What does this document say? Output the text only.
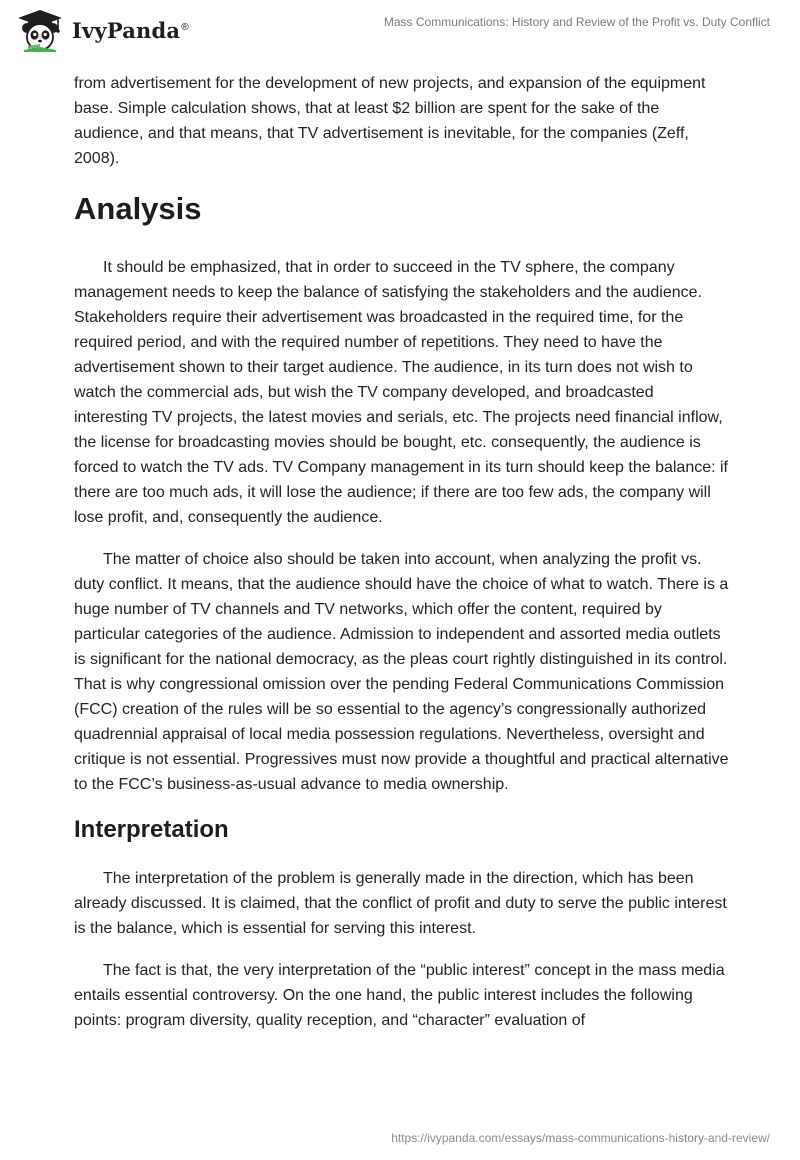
IvyPanda®	Mass Communications: History and Review of the Profit vs. Duty Conflict

from advertisement for the development of new projects, and expansion of the equipment base. Simple calculation shows, that at least $2 billion are spent for the sake of the audience, and that means, that TV advertisement is inevitable, for the companies (Zeff, 2008).

Analysis

It should be emphasized, that in order to succeed in the TV sphere, the company management needs to keep the balance of satisfying the stakeholders and the audience. Stakeholders require their advertisement was broadcasted in the required time, for the required period, and with the required number of repetitions. They need to have the advertisement shown to their target audience. The audience, in its turn does not wish to watch the commercial ads, but wish the TV company developed, and broadcasted interesting TV projects, the latest movies and serials, etc. The projects need financial inflow, the license for broadcasting movies should be bought, etc. consequently, the audience is forced to watch the TV ads. TV Company management in its turn should keep the balance: if there are too much ads, it will lose the audience; if there are too few ads, the company will lose profit, and, consequently the audience.

The matter of choice also should be taken into account, when analyzing the profit vs. duty conflict. It means, that the audience should have the choice of what to watch. There is a huge number of TV channels and TV networks, which offer the content, required by particular categories of the audience. Admission to independent and assorted media outlets is significant for the national democracy, as the pleas court rightly distinguished in its control. That is why congressional omission over the pending Federal Communications Commission (FCC) creation of the rules will be so essential to the agency’s congressionally authorized quadrennial appraisal of local media possession regulations. Nevertheless, oversight and critique is not essential. Progressives must now provide a thoughtful and practical alternative to the FCC’s business-as-usual advance to media ownership.

Interpretation

The interpretation of the problem is generally made in the direction, which has been already discussed. It is claimed, that the conflict of profit and duty to serve the public interest is the balance, which is essential for serving this interest.

The fact is that, the very interpretation of the “public interest” concept in the mass media entails essential controversy. On the one hand, the public interest includes the following points: program diversity, quality reception, and “character” evaluation of

https://ivypanda.com/essays/mass-communications-history-and-review/
